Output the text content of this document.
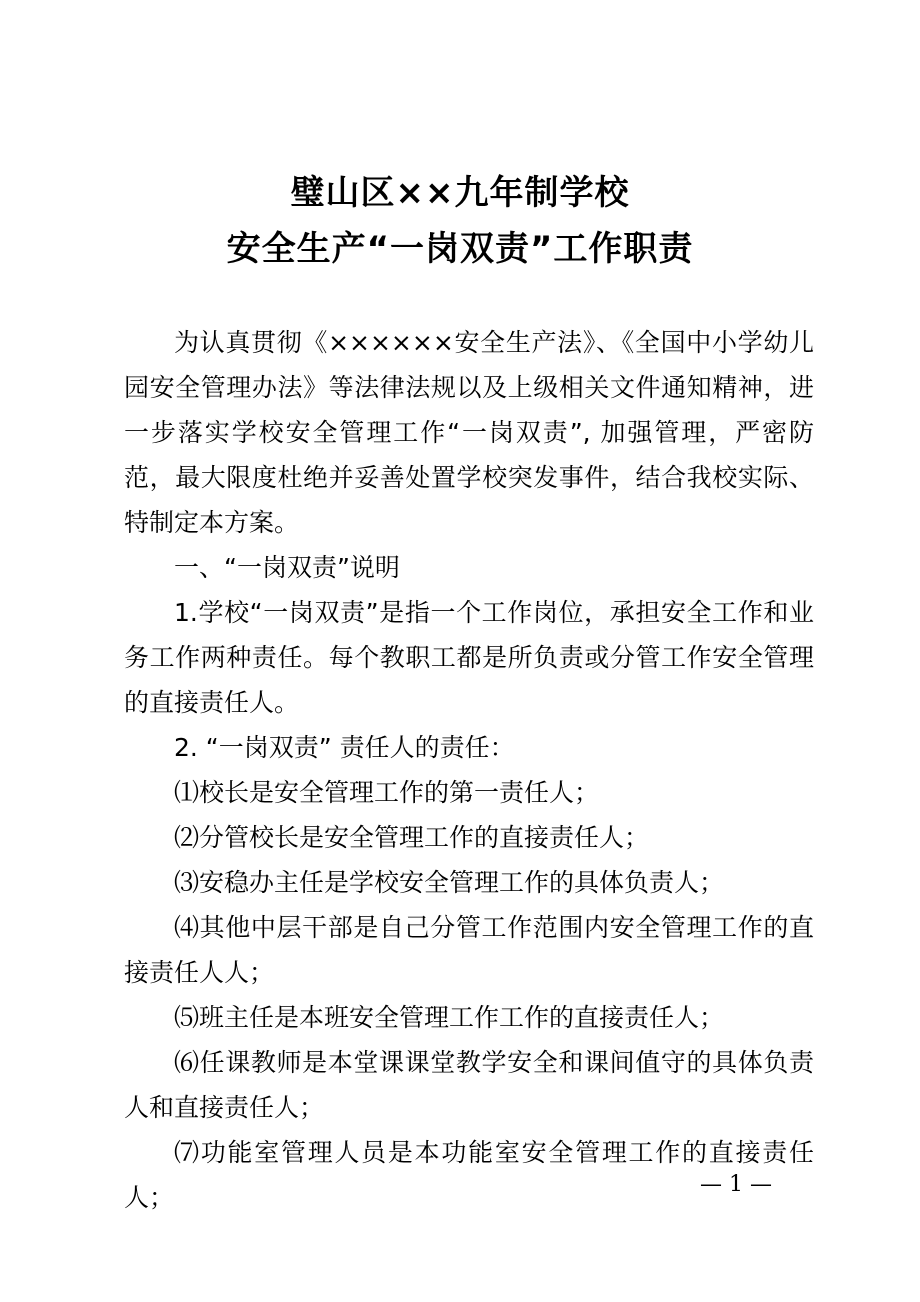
璧山区××九年制学校
安全生产“一岗双责”工作职责

为认真贯彻《××××××安全生产法》、《全国中小学幼儿园安全管理办法》等法律法规以及上级相关文件通知精神，进一步落实学校安全管理工作“一岗双责”, 加强管理，严密防范，最大限度杜绝并妥善处置学校突发事件，结合我校实际、特制定本方案。

一、“一岗双责”说明

1.学校“一岗双责”是指一个工作岗位，承担安全工作和业务工作两种责任。每个教职工都是所负责或分管工作安全管理的直接责任人。

2. “一岗双责” 责任人的责任：

⑴校长是安全管理工作的第一责任人；

⑵分管校长是安全管理工作的直接责任人；

⑶安稳办主任是学校安全管理工作的具体负责人；

⑷其他中层干部是自己分管工作范围内安全管理工作的直接责任人人；

⑸班主任是本班安全管理工作工作的直接责任人；

⑹任课教师是本堂课课堂教学安全和课间值守的具体负责人和直接责任人；

⑺功能室管理人员是本功能室安全管理工作的直接责任人；	— 1 —
